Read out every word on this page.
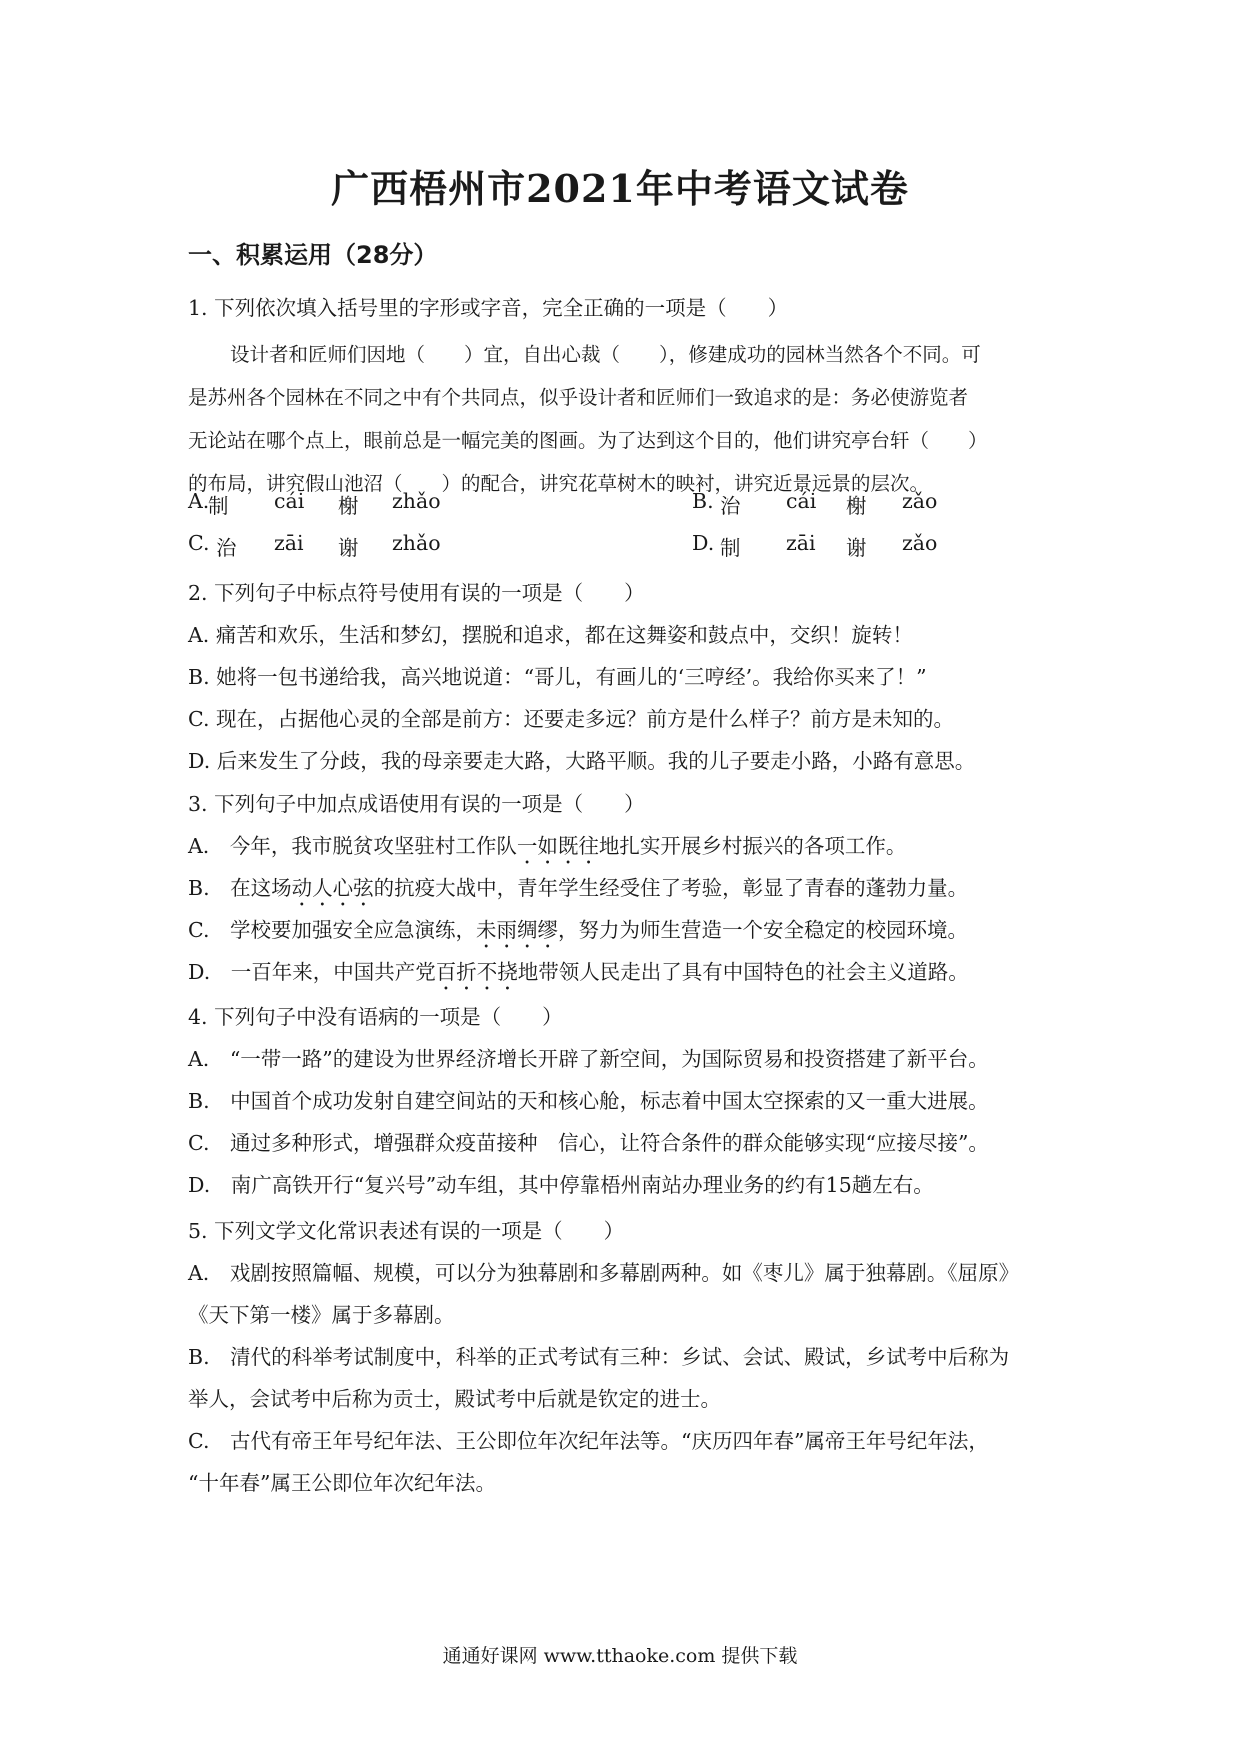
广西梧州市2021年中考语文试卷
一、积累运用（28分）
1. 下列依次填入括号里的字形或字音，完全正确的一项是（　　）
设计者和匠师们因地（　　）宜，自出心裁（　　），修建成功的园林当然各个不同。可
是苏州各个园林在不同之中有个共同点，似乎设计者和匠师们一致追求的是：务必使游览者
无论站在哪个点上，眼前总是一幅完美的图画。为了达到这个目的，他们讲究亭台轩（　　）
的布局，讲究假山池沼（　　）的配合，讲究花草树木的映衬，讲究近景远景的层次。
A.
制 cái 榭 zhǎo	B. 治 cái 榭 zǎo
C. 治 zāi 谢 zhǎo	D. 制 zāi 谢 zǎo
2. 下列句子中标点符号使用有误的一项是（　　）
A. 痛苦和欢乐，生活和梦幻，摆脱和追求，都在这舞姿和鼓点中，交织！旋转！
B. 她将一包书递给我，高兴地说道：“哥儿，有画儿的‘三哼经’。我给你买来了！”
C. 现在，占据他心灵的全部是前方：还要走多远？前方是什么样子？前方是未知的。
D. 后来发生了分歧，我的母亲要走大路，大路平顺。我的儿子要走小路，小路有意思。
3. 下列句子中加点成语使用有误的一项是（　　）
A.　今年，我市脱贫攻坚驻村工作队一如既往地扎实开展乡村振兴的各项工作。
B.　在这场动人心弦的抗疫大战中，青年学生经受住了考验，彰显了青春的蓬勃力量。
C.　学校要加强安全应急演练，未雨绸缪，努力为师生营造一个安全稳定的校园环境。
D.　一百年来，中国共产党百折不挠地带领人民走出了具有中国特色的社会主义道路。
4. 下列句子中没有语病的一项是（　　）
A.　“一带一路”的建设为世界经济增长开辟了新空间，为国际贸易和投资搭建了新平台。
B.　中国首个成功发射自建空间站的天和核心舱，标志着中国太空探索的又一重大进展。
C.　通过多种形式，增强群众疫苗接种　信心，让符合条件的群众能够实现“应接尽接”。
D.　南广高铁开行“复兴号”动车组，其中停靠梧州南站办理业务的约有15趟左右。
5. 下列文学文化常识表述有误的一项是（　　）
A.　戏剧按照篇幅、规模，可以分为独幕剧和多幕剧两种。如《枣儿》属于独幕剧。《屈原》
《天下第一楼》属于多幕剧。
B.　清代的科举考试制度中，科举的正式考试有三种：乡试、会试、殿试，乡试考中后称为
举人，会试考中后称为贡士，殿试考中后就是钦定的进士。
C.　古代有帝王年号纪年法、王公即位年次纪年法等。“庆历四年春”属帝王年号纪年法，
“十年春”属王公即位年次纪年法。
通通好课网 www.tthaoke.com 提供下载
